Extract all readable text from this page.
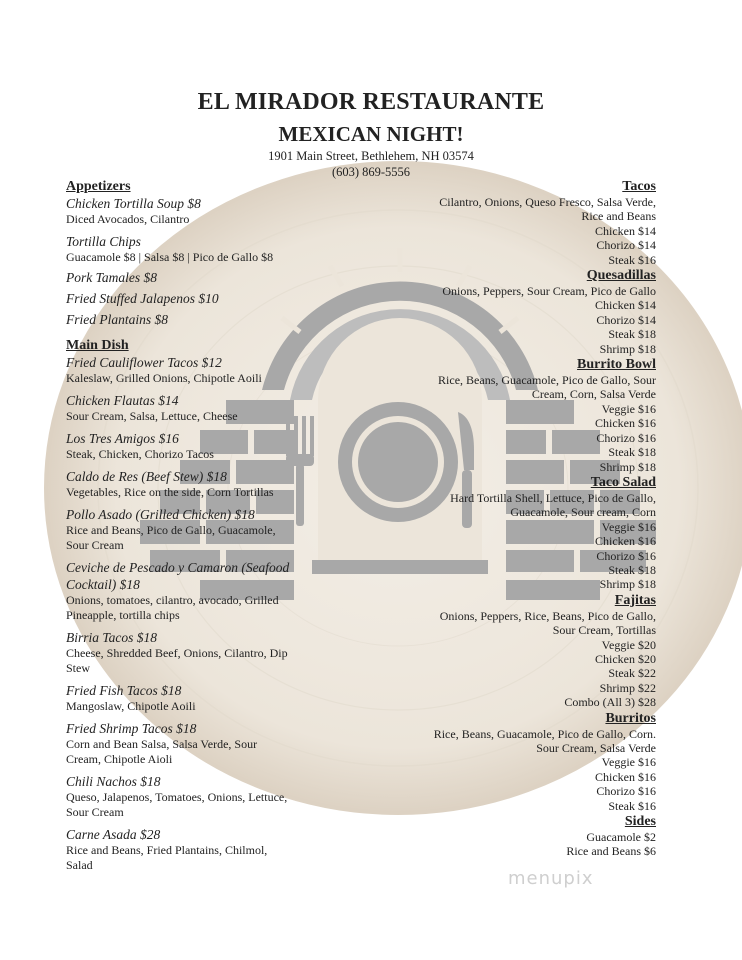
EL MIRADOR RESTAURANTE
MEXICAN NIGHT!
1901 Main Street, Bethlehem, NH 03574
(603) 869-5556
Appetizers
Chicken Tortilla Soup $8
Diced Avocados, Cilantro
Tortilla Chips
Guacamole $8 | Salsa $8 | Pico de Gallo $8
Pork Tamales $8
Fried Stuffed Jalapenos $10
Fried Plantains $8
Main Dish
Fried Cauliflower Tacos $12
Kaleslaw, Grilled Onions, Chipotle Aoili
Chicken Flautas $14
Sour Cream, Salsa, Lettuce, Cheese
Los Tres Amigos $16
Steak, Chicken, Chorizo Tacos
Caldo de Res (Beef Stew) $18
Vegetables, Rice on the side, Corn Tortillas
Pollo Asado (Grilled Chicken) $18
Rice and Beans, Pico de Gallo, Guacamole,
Sour Cream
Ceviche de Pescado y Camaron (Seafood
Cocktail) $18
Onions, tomatoes, cilantro, avocado, Grilled
Pineapple, tortilla chips
Birria Tacos $18
Cheese, Shredded Beef, Onions, Cilantro, Dip
Stew
Fried Fish Tacos $18
Mangoslaw, Chipotle Aoili
Fried Shrimp Tacos $18
Corn and Bean Salsa, Salsa Verde, Sour
Cream, Chipotle Aioli
Chili Nachos $18
Queso, Jalapenos, Tomatoes, Onions, Lettuce,
Sour Cream
Carne Asada $28
Rice and Beans, Fried Plantains, Chilmol,
Salad
Tacos
Cilantro, Onions, Queso Fresco, Salsa Verde,
Rice and Beans
Chicken $14
Chorizo $14
Steak $16
Quesadillas
Onions, Peppers, Sour Cream, Pico de Gallo
Chicken $14
Chorizo $14
Steak $18
Shrimp $18
Burrito Bowl
Rice, Beans, Guacamole, Pico de Gallo, Sour
Cream, Corn, Salsa Verde
Veggie $16
Chicken $16
Chorizo $16
Steak $18
Shrimp $18
Taco Salad
Hard Tortilla Shell, Lettuce, Pico de Gallo,
Guacamole, Sour cream, Corn
Veggie $16
Chicken $16
Chorizo $16
Steak $18
Shrimp $18
Fajitas
Onions, Peppers, Rice, Beans, Pico de Gallo,
Sour Cream, Tortillas
Veggie $20
Chicken $20
Steak $22
Shrimp $22
Combo (All 3) $28
Burritos
Rice, Beans, Guacamole, Pico de Gallo, Corn.
Sour Cream, Salsa Verde
Veggie $16
Chicken $16
Chorizo $16
Steak $16
Sides
Guacamole $2
Rice and Beans $6
menupix
